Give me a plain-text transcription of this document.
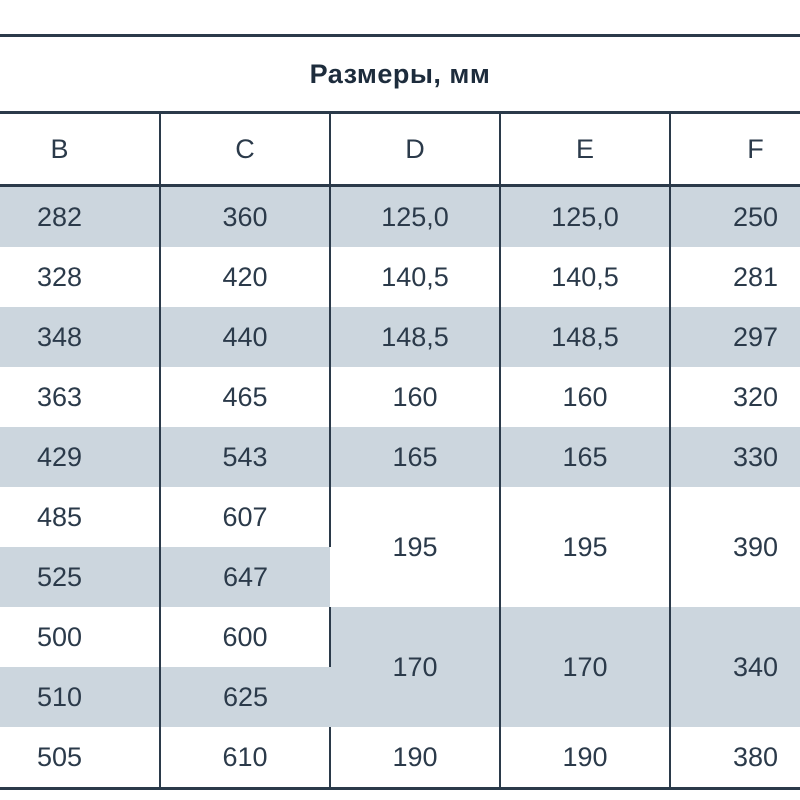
Размеры, мм				
B	C	D	E	F
282	360	125,0	125,0	250
328	420	140,5	140,5	281
348	440	148,5	148,5	297
363	465	160	160	320
429	543	165	165	330
485	607	195	195	390
525	647			
500	600	170	170	340
510	625			
505	610	190	190	380
